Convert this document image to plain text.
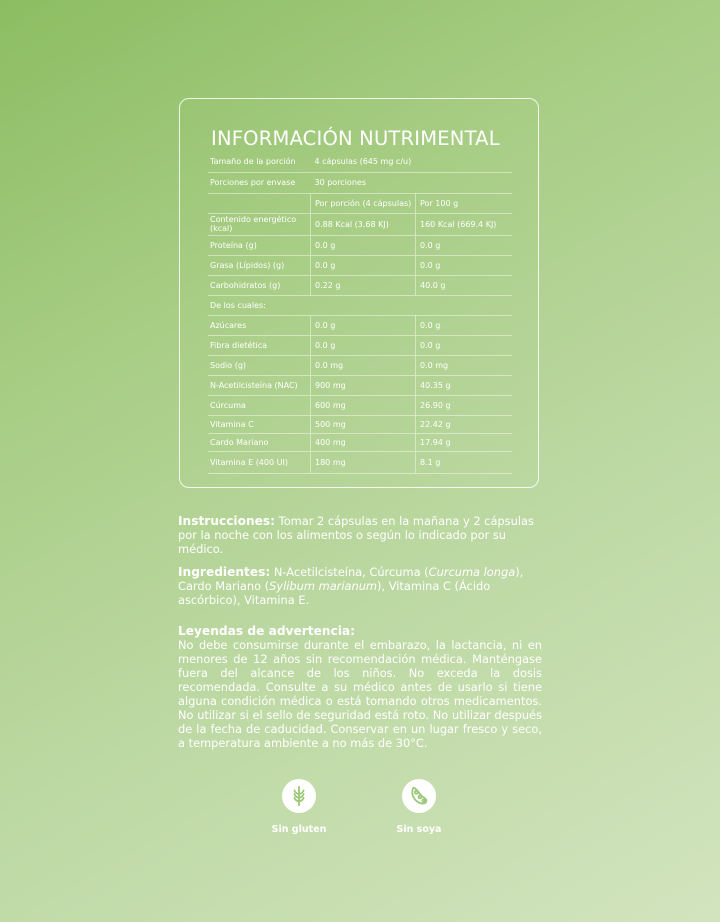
INFORMACIÓN NUTRIMENTAL
Tamaño de la porción	4 cápsulas (645 mg c/u)	
Porciones por envase	30 porciones	
	Por porción (4 cápsulas)	Por 100 g
Contenido energético (kcal)	0.88 Kcal (3.68 KJ)	160 Kcal (669.4 KJ)
Proteína (g)	0.0 g	0.0 g
Grasa (Lípidos) (g)	0.0 g	0.0 g
Carbohidratos (g)	0.22 g	40.0 g
De los cuales:		
Azúcares	0.0 g	0.0 g
Fibra dietética	0.0 g	0.0 g
Sodio (g)	0.0 mg	0.0 mg
N-Acetilcisteína (NAC)	900 mg	40.35 g
Cúrcuma	600 mg	26.90 g
Vitamina C	500 mg	22.42 g
Cardo Mariano	400 mg	17.94 g
Vitamina E (400 UI)	180 mg	8.1 g
Instrucciones: Tomar 2 cápsulas en la mañana y 2 cápsulas por la noche con los alimentos o según lo indicado por su médico.
Ingredientes: N-Acetilcisteína, Cúrcuma (Curcuma longa), Cardo Mariano (Sylibum marianum), Vitamina C (Ácido ascórbico), Vitamina E.
Leyendas de advertencia:
No debe consumirse durante el embarazo, la lactancia, ni en menores de 12 años sin recomendación médica. Manténgase fuera del alcance de los niños. No exceda la dosis recomendada. Consulte a su médico antes de usarlo si tiene alguna condición médica o está tomando otros medicamentos. No utilizar si el sello de seguridad está roto. No utilizar después de la fecha de caducidad. Conservar en un lugar fresco y seco, a temperatura ambiente a no más de 30°C.
Sin gluten	Sin soya
